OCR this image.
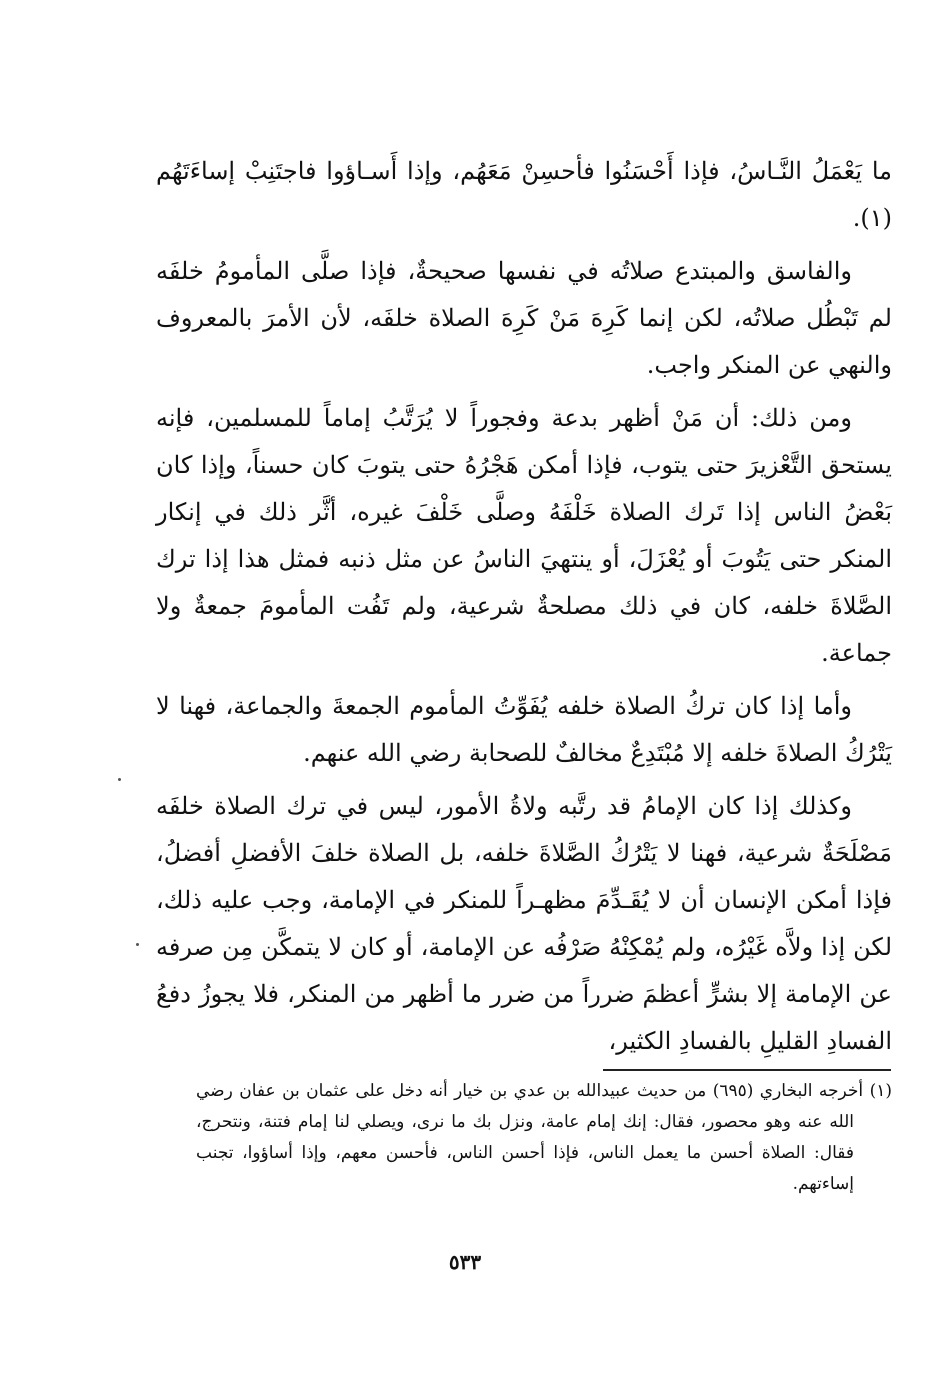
ما يَعْمَلُ النَّـاسُ، فإذا أَحْسَنُوا فأحسِنْ مَعَهُم، وإذا أَسـاؤوا فاجتَنِبْ إساءَتَهُم (١).

والفاسق والمبتدع صلاتُه في نفسها صحيحةٌ، فإذا صلَّى المأمومُ خلفَه لم تَبْطُل صلاتُه، لكن إنما كَرِهَ مَنْ كَرِهَ الصلاة خلفَه، لأن الأمرَ بالمعروف والنهي عن المنكر واجب.

ومن ذلك: أن مَنْ أظهر بدعة وفجوراً لا يُرَتَّبُ إماماً للمسلمين، فإنه يستحق التَّعْزيرَ حتى يتوب، فإذا أمكن هَجْرُهُ حتى يتوبَ كان حسناً، وإذا كان بَعْضُ الناس إذا تَرك الصلاة خَلْفَهُ وصلَّى خَلْفَ غيره، أثَّر ذلك في إنكار المنكر حتى يَتُوبَ أو يُعْزَلَ، أو ينتهيَ الناسُ عن مثل ذنبه فمثل هذا إذا ترك الصَّلاةَ خلفه، كان في ذلك مصلحةٌ شرعية، ولم تَفُت المأمومَ جمعةٌ ولا جماعة.

وأما إذا كان تركُ الصلاة خلفه يُفَوِّتُ المأموم الجمعةَ والجماعة، فهنا لا يَتْرُكُ الصلاةَ خلفه إلا مُبْتَدِعٌ مخالفٌ للصحابة رضي الله عنهم.

وكذلك إذا كان الإمامُ قد رتَّبه ولاةُ الأمور، ليس في ترك الصلاة خلفَه مَصْلَحَةٌ شرعية، فهنا لا يَتْرُكُ الصَّلاةَ خلفه، بل الصلاة خلفَ الأفضلِ أفضلُ، فإذا أمكن الإنسان أن لا يُقَـدِّمَ مظهـراً للمنكر في الإمامة، وجب عليه ذلك، لكن إذا ولاَّه غَيْرُه، ولم يُمْكِنْهُ صَرْفُه عن الإمامة، أو كان لا يتمكَّن مِن صرفه عن الإمامة إلا بشرٍّ أعظمَ ضرراً من ضرر ما أظهر من المنكر، فلا يجوزُ دفعُ الفسادِ القليلِ بالفسادِ الكثير،

(١) أخرجه البخاري (٦٩٥) من حديث عبيدالله بن عدي بن خيار أنه دخل على عثمان بن عفان رضي الله عنه وهو محصور، فقال: إنك إمام عامة، ونزل بك ما نرى، ويصلي لنا إمام فتنة، ونتحرج، فقال: الصلاة أحسن ما يعمل الناس، فإذا أحسن الناس، فأحسن معهم، وإذا أساؤوا، تجنب إساءتهم.

٥٣٣
